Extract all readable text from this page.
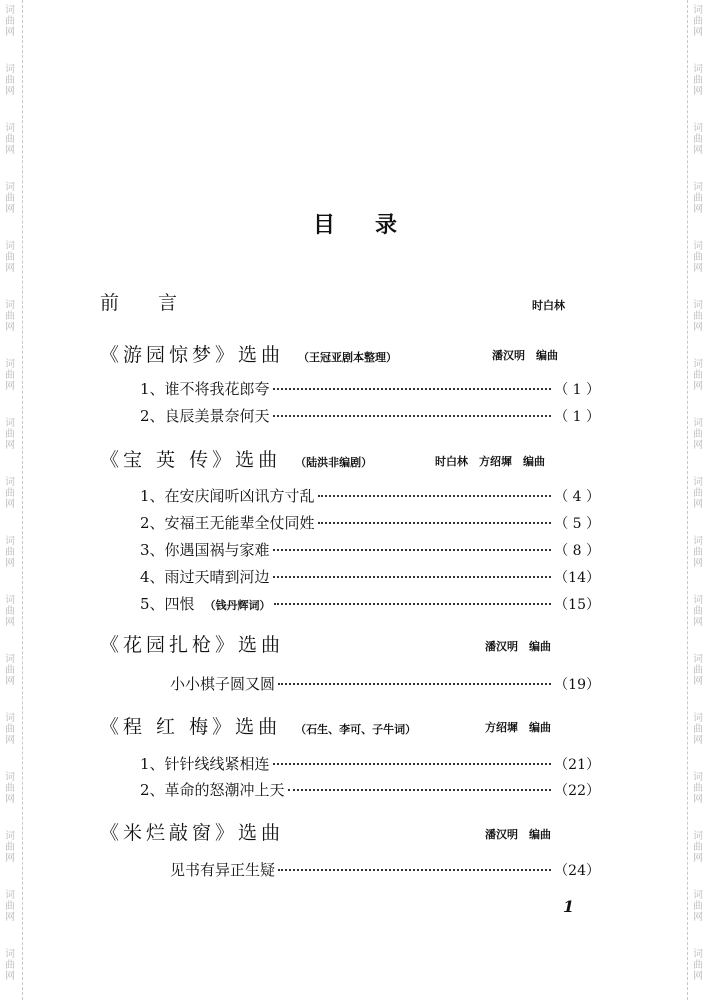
词
曲
网
词
曲
网
词
曲
网
词
曲
网
词
曲
网
词
曲
网
词
曲
网
词
曲
网
词
曲
网
词
曲
网
词
曲
网
词
曲
网
词
曲
网
词
曲
网
词
曲
网
词
曲
网
词
曲
网
词
曲
网
词
曲
网
词
曲
网
词
曲
网
词
曲
网
词
曲
网
词
曲
网
词
曲
网
词
曲
网
词
曲
网
词
曲
网
词
曲
网
词
曲
网
词
曲
网
词
曲
网
词
曲
网
词
曲
网
目录
前　言	时白林
《游园惊梦》选曲 （王冠亚剧本整理）	潘汉明　编曲
1、谁不将我花郎夸	（ 1 ）
2、良辰美景奈何天	（ 1 ）
《宝 英 传》选曲 （陆洪非编剧）	时白林　方绍墀　编曲
1、在安庆闻听凶讯方寸乱	（ 4 ）
2、安福王无能辈全仗同姓	（ 5 ）
3、你遇国祸与家难	（ 8 ）
4、雨过天晴到河边	（14）
5、四恨 （钱丹辉词）	（15）
《花园扎枪》选曲	潘汉明　编曲
小小棋子圆又圆	（19）
《程 红 梅》选曲 （石生、李可、子牛词）	方绍墀　编曲
1、针针线线紧相连	（21）
2、革命的怒潮冲上天	（22）
《米烂敲窗》选曲	潘汉明　编曲
见书有异正生疑	（24）
1
